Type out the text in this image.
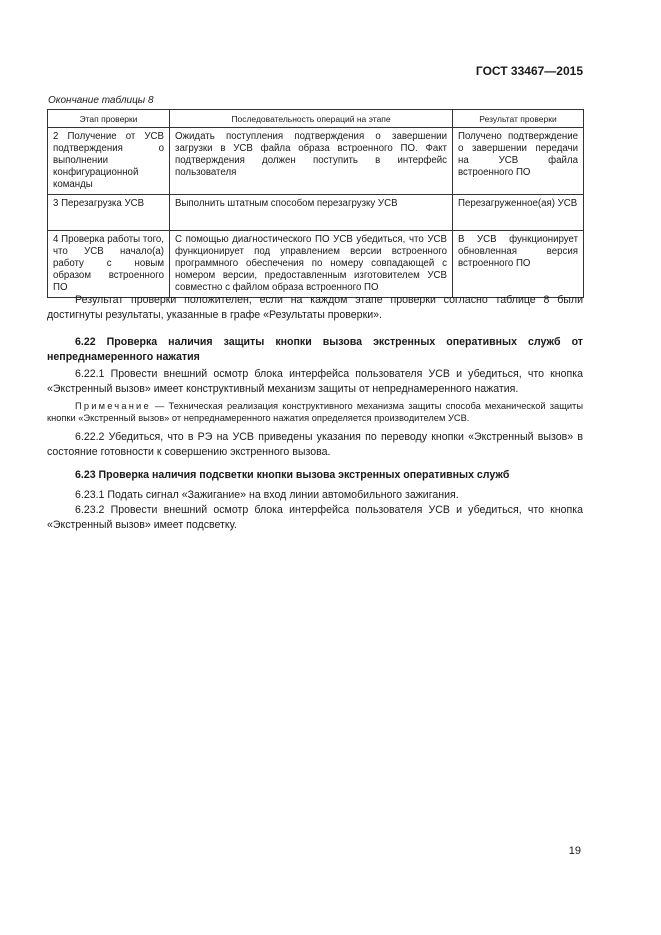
ГОСТ 33467—2015
Окончание таблицы 8
Этап проверки	Последовательность операций на этапе	Результат проверки
2 Получение от УСВ подтверждения о выполнении конфигурационной команды	Ожидать поступления подтверждения о завершении загрузки в УСВ файла образа встроенного ПО. Факт подтверждения должен поступить в интерфейс пользователя	Получено подтверждение о завершении передачи на УСВ файла встроенного ПО
3 Перезагрузка УСВ	Выполнить штатным способом перезагрузку УСВ	Перезагруженное(ая) УСВ
4 Проверка работы того, что УСВ начало(а) работу с новым образом встроенного ПО	С помощью диагностического ПО УСВ убедиться, что УСВ функционирует под управлением версии встроенного программного обеспечения по номеру совпадающей с номером версии, предоставленным изготовителем УСВ совместно с файлом образа встроенного ПО	В УСВ функционирует обновленная версия встроенного ПО
Результат проверки положителен, если на каждом этапе проверки согласно таблице 8 были достигнуты результаты, указанные в графе «Результаты проверки».
6.22 Проверка наличия защиты кнопки вызова экстренных оперативных служб от непреднамеренного нажатия
6.22.1 Провести внешний осмотр блока интерфейса пользователя УСВ и убедиться, что кнопка «Экстренный вызов» имеет конструктивный механизм защиты от непреднамеренного нажатия.
Примечание — Техническая реализация конструктивного механизма защиты способа механической защиты кнопки «Экстренный вызов» от непреднамеренного нажатия определяется производителем УСВ.
6.22.2 Убедиться, что в РЭ на УСВ приведены указания по переводу кнопки «Экстренный вызов» в состояние готовности к совершению экстренного вызова.
6.23 Проверка наличия подсветки кнопки вызова экстренных оперативных служб
6.23.1 Подать сигнал «Зажигание» на вход линии автомобильного зажигания.
6.23.2 Провести внешний осмотр блока интерфейса пользователя УСВ и убедиться, что кнопка «Экстренный вызов» имеет подсветку.
19
